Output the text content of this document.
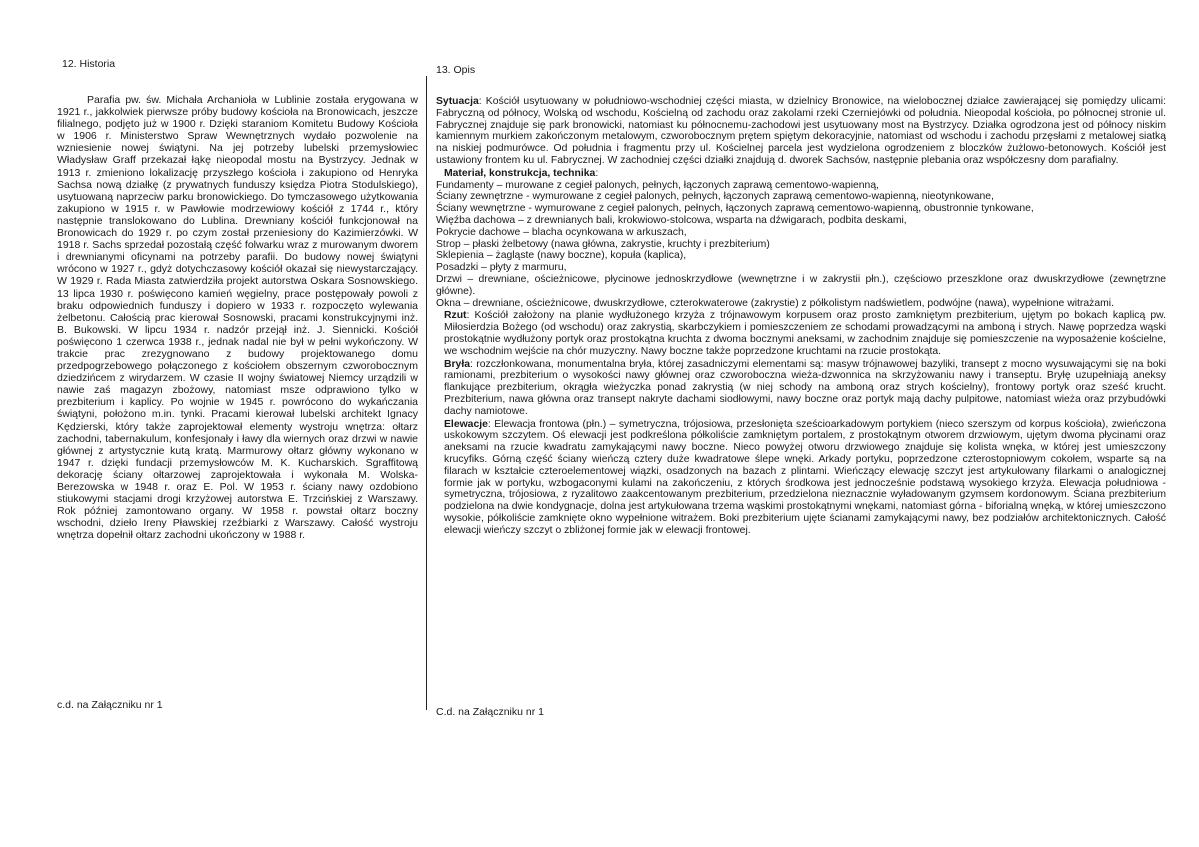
12. Historia

Parafia pw. św. Michała Archanioła w Lublinie została erygowana w 1921 r., jakkolwiek pierwsze próby budowy kościoła na Bronowicach, jeszcze filialnego, podjęto już w 1900 r. Dzięki staraniom Komitetu Budowy Kościoła w 1906 r. Ministerstwo Spraw Wewnętrznych wydało pozwolenie na wzniesienie nowej świątyni. Na jej potrzeby lubelski przemysłowiec Władysław Graff przekazał łąkę nieopodal mostu na Bystrzycy. Jednak w 1913 r. zmieniono lokalizację przyszłego kościoła i zakupiono od Henryka Sachsa nową działkę (z prywatnych funduszy księdza Piotra Stodulskiego), usytuowaną naprzeciw parku bronowickiego. Do tymczasowego użytkowania zakupiono w 1915 r. w Pawłowie modrzewiowy kościół z 1744 r., który następnie translokowano do Lublina. Drewniany kościół funkcjonował na Bronowicach do 1929 r. po czym został przeniesiony do Kazimierzówki. W 1918 r. Sachs sprzedał pozostałą część folwarku wraz z murowanym dworem i drewnianymi oficynami na potrzeby parafii. Do budowy nowej świątyni wrócono w 1927 r., gdyż dotychczasowy kościół okazał się niewystarczający. W 1929 r. Rada Miasta zatwierdziła projekt autorstwa Oskara Sosnowskiego. 13 lipca 1930 r. poświęcono kamień węgielny, prace postępowały powoli z braku odpowiednich funduszy i dopiero w 1933 r. rozpoczęto wylewania żelbetonu. Całością prac kierował Sosnowski, pracami konstrukcyjnymi inż. B. Bukowski. W lipcu 1934 r. nadzór przejął inż. J. Siennicki. Kościół poświęcono 1 czerwca 1938 r., jednak nadal nie był w pełni wykończony. W trakcie prac zrezygnowano z budowy projektowanego domu przedpogrzebowego połączonego z kościołem obszernym czworobocznym dziedzińcem z wirydarzem. W czasie II wojny światowej Niemcy urządzili w nawie zaś magazyn zbożowy, natomiast msze odprawiono tylko w prezbiterium i kaplicy. Po wojnie w 1945 r. powrócono do wykańczania świątyni, położono m.in. tynki. Pracami kierował lubelski architekt Ignacy Kędzierski, który także zaprojektował elementy wystroju wnętrza: ołtarz zachodni, tabernakulum, konfesjonały i ławy dla wiernych oraz drzwi w nawie głównej z artystycznie kutą kratą. Marmurowy ołtarz główny wykonano w 1947 r. dzięki fundacji przemysłowców M. K. Kucharskich. Sgraffitową dekorację ściany ołtarzowej zaprojektowała i wykonała M. Wolska-Berezowska w 1948 r. oraz E. Pol. W 1953 r. ściany nawy ozdobiono stiukowymi stacjami drogi krzyżowej autorstwa E. Trzcińskiej z Warszawy. Rok później zamontowano organy. W 1958 r. powstał ołtarz boczny wschodni, dzieło Ireny Pławskiej rzeźbiarki z Warszawy. Całość wystroju wnętrza dopełnił ołtarz zachodni ukończony w 1988 r.

c.d. na Załączniku nr 1
13. Opis

Sytuacja: Kościół usytuowany w południowo-wschodniej części miasta, w dzielnicy Bronowice, na wielobocznej działce zawierającej się pomiędzy ulicami: Fabryczną od północy, Wolską od wschodu, Kościelną od zachodu oraz zakolami rzeki Czerniejówki od południa. Nieopodal kościoła, po północnej stronie ul. Fabrycznej znajduje się park bronowicki, natomiast ku północnemu-zachodowi jest usytuowany most na Bystrzycy. Działka ogrodzona jest od północy niskim kamiennym murkiem zakończonym metalowym, czworobocznym prętem spiętym dekoracyjnie, natomiast od wschodu i zachodu przęsłami z metalowej siatką na niskiej podmurówce. Od południa i fragmentu przy ul. Kościelnej parcela jest wydzielona ogrodzeniem z bloczków żużlowo-betonowych. Kościół jest ustawiony frontem ku ul. Fabrycznej. W zachodniej części działki znajdują d. dworek Sachsów, następnie plebania oraz współczesny dom parafialny.

Materiał, konstrukcja, technika:

Fundamenty – murowane z cegieł palonych, pełnych, łączonych zaprawą cementowo-wapienną,

Ściany zewnętrzne - wymurowane z cegieł palonych, pełnych, łączonych zaprawą cementowo-wapienną, nieotynkowane,

Ściany wewnętrzne - wymurowane z cegieł palonych, pełnych, łączonych zaprawą cementowo-wapienną, obustronnie tynkowane,

Więźba dachowa – z drewnianych bali, krokwiowo-stolcowa, wsparta na dźwigarach, podbita deskami,

Pokrycie dachowe – blacha ocynkowana w arkuszach,

Strop – płaski żelbetowy (nawa główna, zakrystie, kruchty i prezbiterium)

Sklepienia – żagląste (nawy boczne), kopuła (kaplica),

Posadzki – płyty z marmuru,

Drzwi – drewniane, ościeżnicowe, płycinowe jednoskrzydłowe (wewnętrzne i w zakrystii płn.), częściowo przeszklone oraz dwuskrzydłowe (zewnętrzne główne).

Okna – drewniane, ościeżnicowe, dwuskrzydłowe, czterokwaterowe (zakrystie) z półkolistym nadświetlem, podwójne (nawa), wypełnione witrażami.

Rzut: Kościół założony na planie wydłużonego krzyża z trójnawowym korpusem oraz prosto zamkniętym prezbiterium, ujętym po bokach kaplicą pw. Miłosierdzia Bożego (od wschodu) oraz zakrystią, skarbczykiem i pomieszczeniem ze schodami prowadzącymi na amboną i strych. Nawę poprzedza wąski prostokątnie wydłużony portyk oraz prostokątna kruchta z dwoma bocznymi aneksami, w zachodnim znajduje się pomieszczenie na wyposażenie kościelne, we wschodnim wejście na chór muzyczny. Nawy boczne także poprzedzone kruchtami na rzucie prostokąta.

Bryła: rozczłonkowana, monumentalna bryła, której zasadniczymi elementami są: masyw trójnawowej bazyliki, transept z mocno wysuwającymi się na boki ramionami, prezbiterium o wysokości nawy głównej oraz czworoboczna wieża-dzwonnica na skrzyżowaniu nawy i transeptu. Bryłę uzupełniają aneksy flankujące prezbiterium, okrągła wieżyczka ponad zakrystią (w niej schody na amboną oraz strych kościelny), frontowy portyk oraz sześć krucht. Prezbiterium, nawa główna oraz transept nakryte dachami siodłowymi, nawy boczne oraz portyk mają dachy pulpitowe, natomiast wieża oraz przybudówki dachy namiotowe.

Elewacje: Elewacja frontowa (płn.) – symetryczna, trójosiowa, przesłonięta sześcioarkadowym portykiem (nieco szerszym od korpus kościoła), zwieńczona uskokowym szczytem. Oś elewacji jest podkreślona półkoliście zamkniętym portalem, z prostokątnym otworem drzwiowym, ujętym dwoma płycinami oraz aneksami na rzucie kwadratu zamykającymi nawy boczne. Nieco powyżej otworu drzwiowego znajduje się kolista wnęka, w której jest umieszczony krucyfiks. Górną część ściany wieńczą cztery duże kwadratowe ślepe wnęki. Arkady portyku, poprzedzone czterostopniowym cokołem, wsparte są na filarach w kształcie czteroelementowej wiązki, osadzonych na bazach z plintami. Wieńczący elewację szczyt jest artykułowany filarkami o analogicznej formie jak w portyku, wzbogaconymi kulami na zakończeniu, z których środkowa jest jednocześnie podstawą wysokiego krzyża. Elewacja południowa - symetryczna, trójosiowa, z ryzalitowo zaakcentowanym prezbiterium, przedzielona nieznacznie wyładowanym gzymsem kordonowym. Ściana prezbiterium podzielona na dwie kondygnacje, dolna jest artykułowana trzema wąskimi prostokątnymi wnękami, natomiast górna - biforialną wnęką, w której umieszczono wysokie, półkoliście zamknięte okno wypełnione witrażem. Boki prezbiterium ujęte ścianami zamykającymi nawy, bez podziałów architektonicznych. Całość elewacji wieńczy szczyt o zbliżonej formie jak w elewacji frontowej.

C.d. na Załączniku nr 1
